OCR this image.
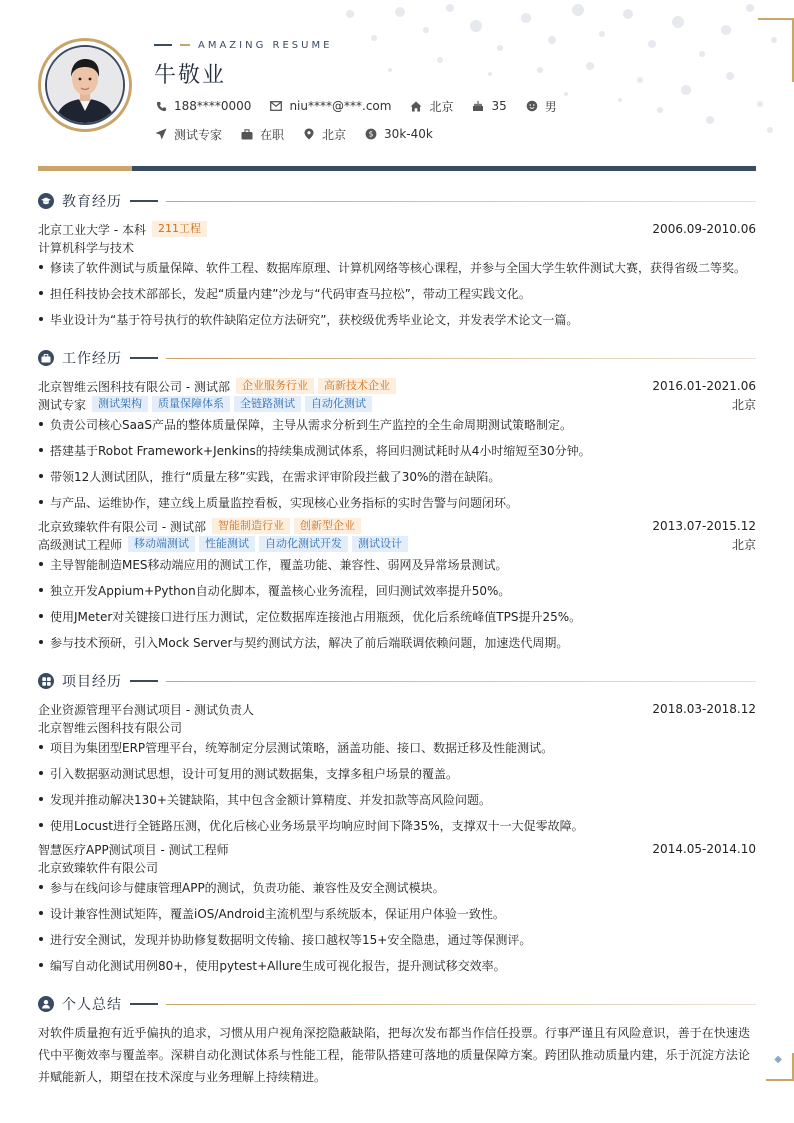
AMAZING RESUME
牛敬业
188****0000	niu****@***.com	北京	35	男
测试专家	在职	北京	$ 30k-40k
教育经历
北京工业大学 - 本科	211工程	2006.09-2010.06
计算机科学与技术
修读了软件测试与质量保障、软件工程、数据库原理、计算机网络等核心课程，并参与全国大学生软件测试大赛，获得省级二等奖。
担任科技协会技术部部长，发起“质量内建”沙龙与“代码审查马拉松”，带动工程实践文化。
毕业设计为“基于符号执行的软件缺陷定位方法研究”，获校级优秀毕业论文，并发表学术论文一篇。
工作经历
北京智维云图科技有限公司 - 测试部	企业服务行业	高新技术企业	2016.01-2021.06
测试专家	测试架构	质量保障体系	全链路测试	自动化测试	北京
负责公司核心SaaS产品的整体质量保障，主导从需求分析到生产监控的全生命周期测试策略制定。
搭建基于Robot Framework+Jenkins的持续集成测试体系，将回归测试耗时从4小时缩短至30分钟。
带领12人测试团队，推行“质量左移”实践，在需求评审阶段拦截了30%的潜在缺陷。
与产品、运维协作，建立线上质量监控看板，实现核心业务指标的实时告警与问题闭环。
北京致臻软件有限公司 - 测试部	智能制造行业	创新型企业	2013.07-2015.12
高级测试工程师	移动端测试	性能测试	自动化测试开发	测试设计	北京
主导智能制造MES移动端应用的测试工作，覆盖功能、兼容性、弱网及异常场景测试。
独立开发Appium+Python自动化脚本，覆盖核心业务流程，回归测试效率提升50%。
使用JMeter对关键接口进行压力测试，定位数据库连接池占用瓶颈，优化后系统峰值TPS提升25%。
参与技术预研，引入Mock Server与契约测试方法，解决了前后端联调依赖问题，加速迭代周期。
项目经历
企业资源管理平台测试项目 - 测试负责人	2018.03-2018.12
北京智维云图科技有限公司
项目为集团型ERP管理平台，统筹制定分层测试策略，涵盖功能、接口、数据迁移及性能测试。
引入数据驱动测试思想，设计可复用的测试数据集，支撑多租户场景的覆盖。
发现并推动解决130+关键缺陷，其中包含金额计算精度、并发扣款等高风险问题。
使用Locust进行全链路压测，优化后核心业务场景平均响应时间下降35%，支撑双十一大促零故障。
智慧医疗APP测试项目 - 测试工程师	2014.05-2014.10
北京致臻软件有限公司
参与在线问诊与健康管理APP的测试，负责功能、兼容性及安全测试模块。
设计兼容性测试矩阵，覆盖iOS/Android主流机型与系统版本，保证用户体验一致性。
进行安全测试，发现并协助修复数据明文传输、接口越权等15+安全隐患，通过等保测评。
编写自动化测试用例80+，使用pytest+Allure生成可视化报告，提升测试移交效率。
个人总结
对软件质量抱有近乎偏执的追求，习惯从用户视角深挖隐蔽缺陷，把每次发布都当作信任投票。行事严谨且有风险意识，善于在快速迭代中平衡效率与覆盖率。深耕自动化测试体系与性能工程，能带队搭建可落地的质量保障方案。跨团队推动质量内建，乐于沉淀方法论并赋能新人，期望在技术深度与业务理解上持续精进。
◆
